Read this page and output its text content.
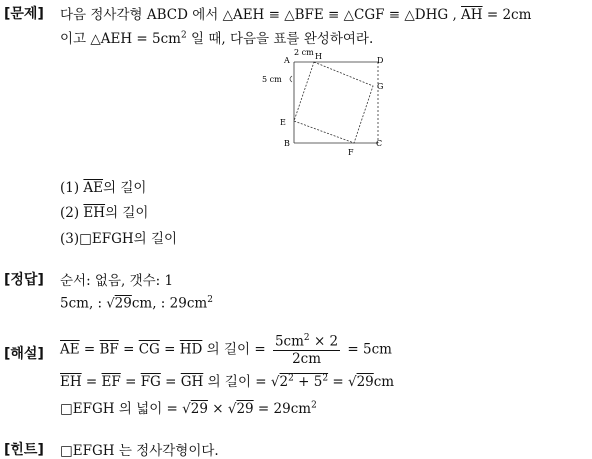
[문제] 다음 정사각형 ABCD 에서 △AEH ≡ △BFE ≡ △CGF ≡ △DHG , $\overline{AH} = 2cm$
이고 △AEH = $5cm^2$ 일 때, 다음을 표를 완성하여라.
A	H	D
G
E
B
F
C
2 cm
5 cm
(1) $\overline{AE}$의 길이
(2) $\overline{EH}$의 길이
(3)□EFGH의 길이
[정답] 순서: 없음, 갯수: 1
5cm, : √29cm, : $29cm^2$
[해설] $\overline{AE} = \overline{BF} = \overline{CG} = \overline{HD}$ 의 길이 = $\frac{5cm^2 \times 2}{2cm} = 5cm$
$\overline{EH} = \overline{EF} = \overline{FG} = \overline{GH}$ 의 길이 = $√2^2 + 5^2 = √29cm$
□EFGH 의 넓이 = $√29 \times √29 = 29cm^2$
[힌트] □EFGH 는 정사각형이다.
